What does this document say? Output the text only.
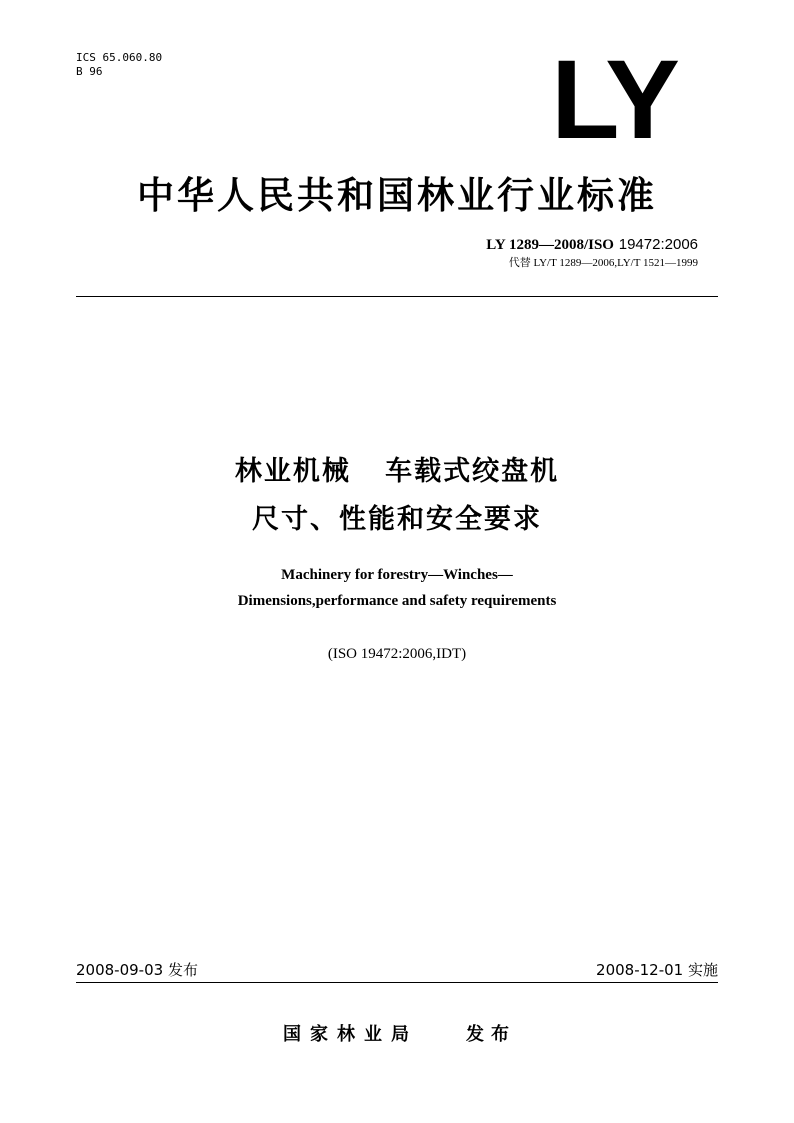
ICS 65.060.80
B 96	LY
中华人民共和国林业行业标准
LY 1289—2008/ISO 19472:2006
代替 LY/T 1289—2006,LY/T 1521—1999
林业机械   车载式绞盘机
尺寸、性能和安全要求
Machinery for forestry—Winches—
Dimensions,performance and safety requirements
(ISO 19472:2006,IDT)
2008-09-03 发布	2008-12-01 实施
国家林业局	发布
